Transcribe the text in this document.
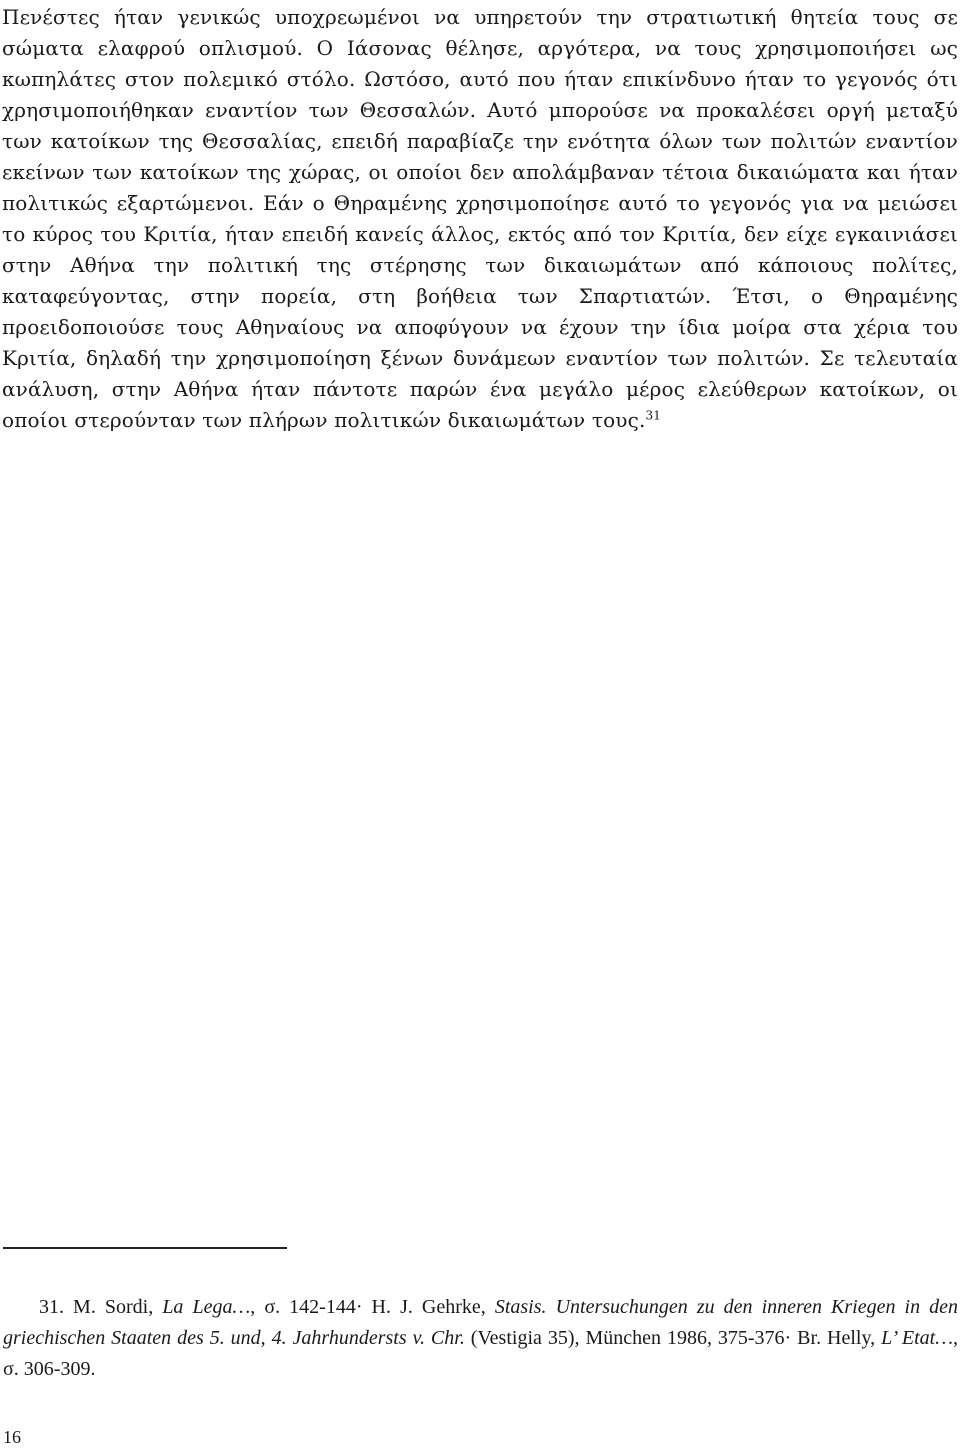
Πενέστες ήταν γενικώς υποχρεωμένοι να υπηρετούν την στρατιωτική θητεία τους σε σώματα ελαφρού οπλισμού. Ο Ιάσονας θέλησε, αργότερα, να τους χρησιμοποιήσει ως κωπηλάτες στον πολεμικό στόλο. Ωστόσο, αυτό που ήταν επικίνδυνο ήταν το γεγονός ότι χρησιμοποιήθηκαν εναντίον των Θεσσαλών. Αυτό μπορούσε να προκαλέσει οργή μεταξύ των κατοίκων της Θεσσαλίας, επειδή παραβίαζε την ενότητα όλων των πολιτών εναντίον εκείνων των κατοίκων της χώρας, οι οποίοι δεν απολάμβαναν τέτοια δικαιώματα και ήταν πολιτικώς εξαρτώμενοι. Εάν ο Θηραμένης χρησιμοποίησε αυτό το γεγονός για να μειώσει το κύρος του Κριτία, ήταν επειδή κανείς άλλος, εκτός από τον Κριτία, δεν είχε εγκαινιάσει στην Αθήνα την πολιτική της στέρησης των δικαιωμάτων από κάποιους πολίτες, καταφεύγοντας, στην πορεία, στη βοήθεια των Σπαρτιατών. Έτσι, ο Θηραμένης προειδοποιούσε τους Αθηναίους να αποφύγουν να έχουν την ίδια μοίρα στα χέρια του Κριτία, δηλαδή την χρησιμοποίηση ξένων δυνάμεων εναντίον των πολιτών. Σε τελευταία ανάλυση, στην Αθήνα ήταν πάντοτε παρών ένα μεγάλο μέρος ελεύθερων κατοίκων, οι οποίοι στερούνταν των πλήρων πολιτικών δικαιωμάτων τους.$^{31}$

31. M. Sordi, La Lega…, σ. 142-144· H. J. Gehrke, Stasis. Untersuchungen zu den inneren Kriegen in den griechischen Staaten des 5. und, 4. Jahrhundersts v. Chr. (Vestigia 35), München 1986, 375-376· Br. Helly, L’ Etat…, σ. 306-309.

16
